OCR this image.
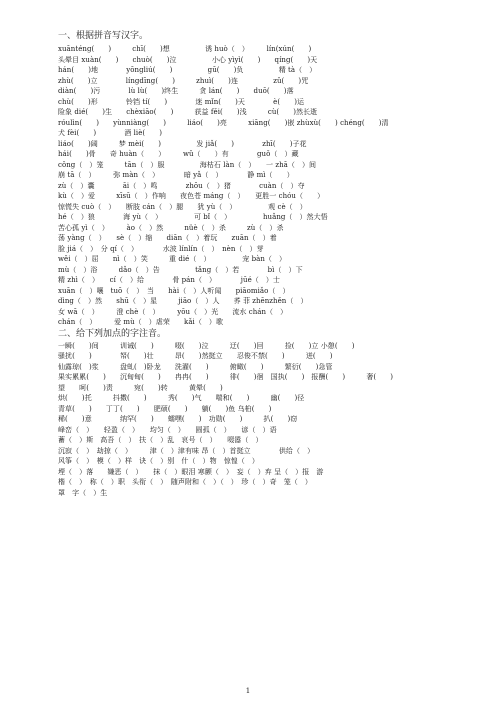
一、根据拼音写汉字。
xuānténg(　　)　　　chī(　　)想　　　　　诱 huò（　）　　　lín(xún(　　)
头晕目 xuàn(　　)　　chuò(　　)泣　　　　　小心 yìyì(　　)　　qíng(　　)天
hán(　　)地　　　　yōngliú(　　)　　　　　gū(　　)负　　　　　精 tà（　）
zhù(　　)立　　　　língdīng(　　)　　　zhuì(　　)连　　　　　zǔ(　　)咒
diàn(　　)污　　　　lù lù(　　)终生　　　贪 lán(　　)　　duō(　　)落
chù(　　)形　　　　铃铛 tí(　　)　　　　迷 mǐn(　　)天　　　　è(　　)运
险象 dié(　　)生　　chèxiāo(　　)　　　获益 fěi(　　)浅　　　cù(　　)然长逝
róulìn(　　)　　yùnniàng(　　)　　　liáo(　　)亮　　　xiāng(　　)嵌 zhùxù(　　) chéng(　　)清
犬 fèi(　　)　　　　酒 liè(　　)
liáo(　　)阔　　　梦 mèi(　　)　　　　　发 jiǎ(　　)　　　　zhī(　　)子花
hái(　　)骨　　奇 huàn（　　）　　　wǔ（　　）有　　　　guǒ（　）藏
cǒng（　）笼　　　tān（　）服　　　　　海枯石 làn（　）　　一 zhā（　）间
崩 tā（　）　　　弥 màn（　）　　　　暗 yǎ（　）　　　　静 mì（　　）
zù（　）囊　　　　āi（　）鸣　　　　zhōu（　）猪　　　　cuàn（　）夺
kù（　）爱　　　xīsū（　）作响　　夜色苍 máng（　）　　更胜一 chóu（　　）
惊慌失 cuò（　）　　断肢 cán（　）腿　　犹 yù（　）　　　　　观 cè（　）
hé（　）狼　　　　海 yù（　）　　　　　可 bǐ（　）　　　　　huǎng（　）然大悟
苦心孤 yì（　）　　　ào（　）然　　　nüè（　）杀　　　zù（　）杀
荡 yàng（　）　　sè（　）缩　　diān（　）着玩　　zuān（　）着
脸 jiá（　）　分 qí（　）　　　　水波 línlín（　）　nèn（　）芽
wěi（　）屈　　nì（　）笑　　　重 dié（　）　　　　　宠 bàn（　）
mù（　）浴　　　dǎo（　）告　　　　　tǎng（　）若　　　　bì（　）下
精 zhì（　）　　cí（　）给　　　　骨 pán（　）　　　　jūé（　）士
xuān（　）嚷　tuō（　）　当　　hài（　）人听闻　　piāomiǎo（　）
dìng（　）然　　shū（　）星　　　jiāo（　）人　　荞 菲 zhēnzhěn（　）
女 wā（　）　　　澄 chè（　）　　　yōu（　）光　　流水 chán（　）
chán（　）　　　爱 mù（　）虐荣　　kǎi（　）歌
二、给下列加点的字注音。
一瞬(　　)间　　　训诫(　　)　　　啜(　　)泣　　　迂(　　)回　　　捡(　　)立 小憩(　　)
骚扰(　　)　　　　帑(　　)壮　　　昂(　　)然挺立　　忍俊不禁(　　)　　　迸(　　)
仙露琼(　)浆　　　盘虬(　)卧龙　　洗濯(　　)　　　俯瞰(　　)　　　繁衍(　　)急管
果实累累(　　)　　沉甸甸(　　)　　冉冉(　　)　　　徘(　　)徊　国执(　　)　报酬(　　)　　　奢(　　)
望　　呵(　　)责　　　宛(　　)转　　　黄晕(　　)
烘(　　)托　　　抖擞(　　)　　　秀(　　)气　　喘和(　　)　　　幽(　　)径
青草(　　)　　丁丁(　　)　　肥硕(　　)　　躺(　　)鱼 乌桕(　　)
稀(　　)意　　　　纳罕(　　)　　蠕嘿(　　)　功勋(　　)　　　扒(　　)窃
峰峦（　）　　轻盈（　）　　均匀（　）　　圆孤（　）　　谚（　）语
蓄（　）斯　高吾（　）　扶（　）乱　哀号（　）　　啜嚣（　）
沉寂（　）　劫掠（　）　　　津（　）津有味 昂（　）首挺立　　　　供给（　）
风筝（　）　模（　）样　诀（　）别　什（　）物　惊惶（　）
堙（　）落　　嫌恶（　）　　抹（　）眼泪 寒颤（　）　妄（　）弃 呈（　）报　游
楷（　）　称（　）职　头衔（　）　随声附和（　）（　）　珍（　）奇　笼（　）
罩　字（　）生
1
